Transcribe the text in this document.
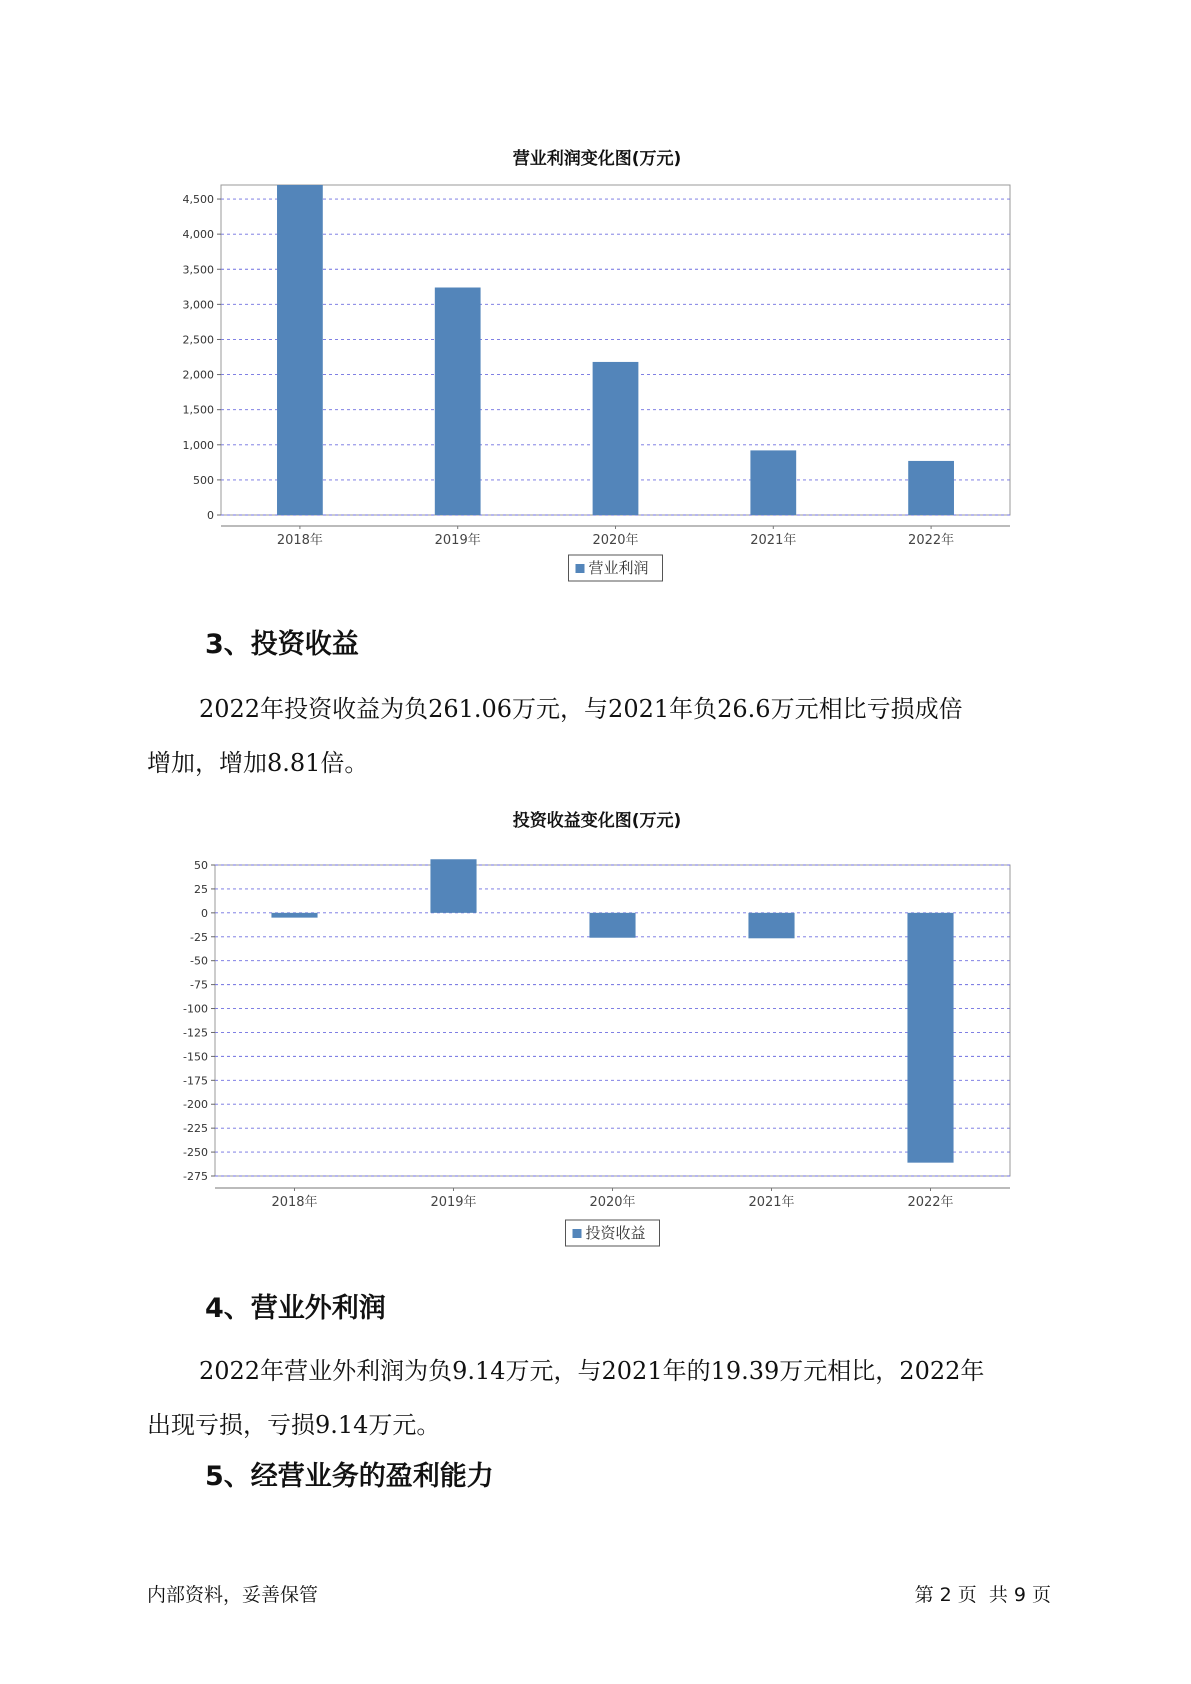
营业利润变化图(万元)
0
500
1,000
1,500
2,000
2,500
3,000
3,500
4,000
4,500
2018年	2019年	2020年	2021年	2022年
营业利润
3、投资收益
2022年投资收益为负261.06万元，与2021年负26.6万元相比亏损成倍
增加，增加8.81倍。
投资收益变化图(万元)
50
25
0
-25
-50
-75
-100
-125
-150
-175
-200
-225
-250
-275
2018年	2019年	2020年	2021年	2022年
投资收益
4、营业外利润
2022年营业外利润为负9.14万元，与2021年的19.39万元相比，2022年
出现亏损，亏损9.14万元。
5、经营业务的盈利能力
内部资料，妥善保管	第 2 页  共 9 页
